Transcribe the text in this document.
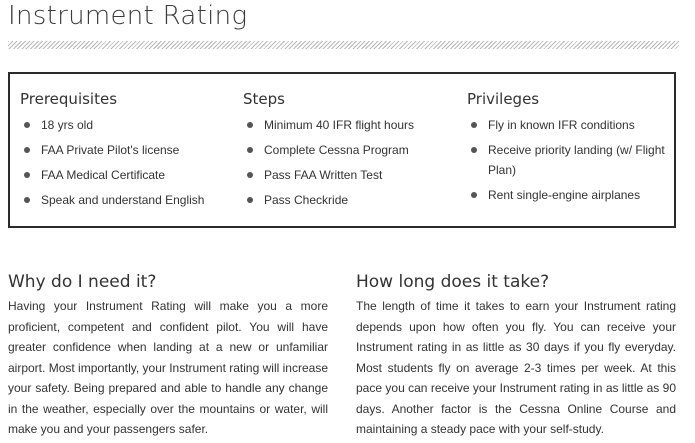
Instrument Rating
Prerequisites
18 yrs old
FAA Private Pilot's license
FAA Medical Certificate
Speak and understand English
Steps
Minimum 40 IFR flight hours
Complete Cessna Program
Pass FAA Written Test
Pass Checkride
Privileges
Fly in known IFR conditions
Receive priority landing (w/ Flight Plan)
Rent single-engine airplanes
Why do I need it?

Having your Instrument Rating will make you a more proficient, competent and confident pilot. You will have greater confidence when landing at a new or unfamiliar airport. Most importantly, your Instrument rating will increase your safety. Being prepared and able to handle any change in the weather, especially over the mountains or water, will make you and your passengers safer.

How long does it take?

The length of time it takes to earn your Instrument rating depends upon how often you fly. You can receive your Instrument rating in as little as 30 days if you fly everyday. Most students fly on average 2-3 times per week. At this pace you can receive your Instrument rating in as little as 90 days. Another factor is the Cessna Online Course and maintaining a steady pace with your self-study.
